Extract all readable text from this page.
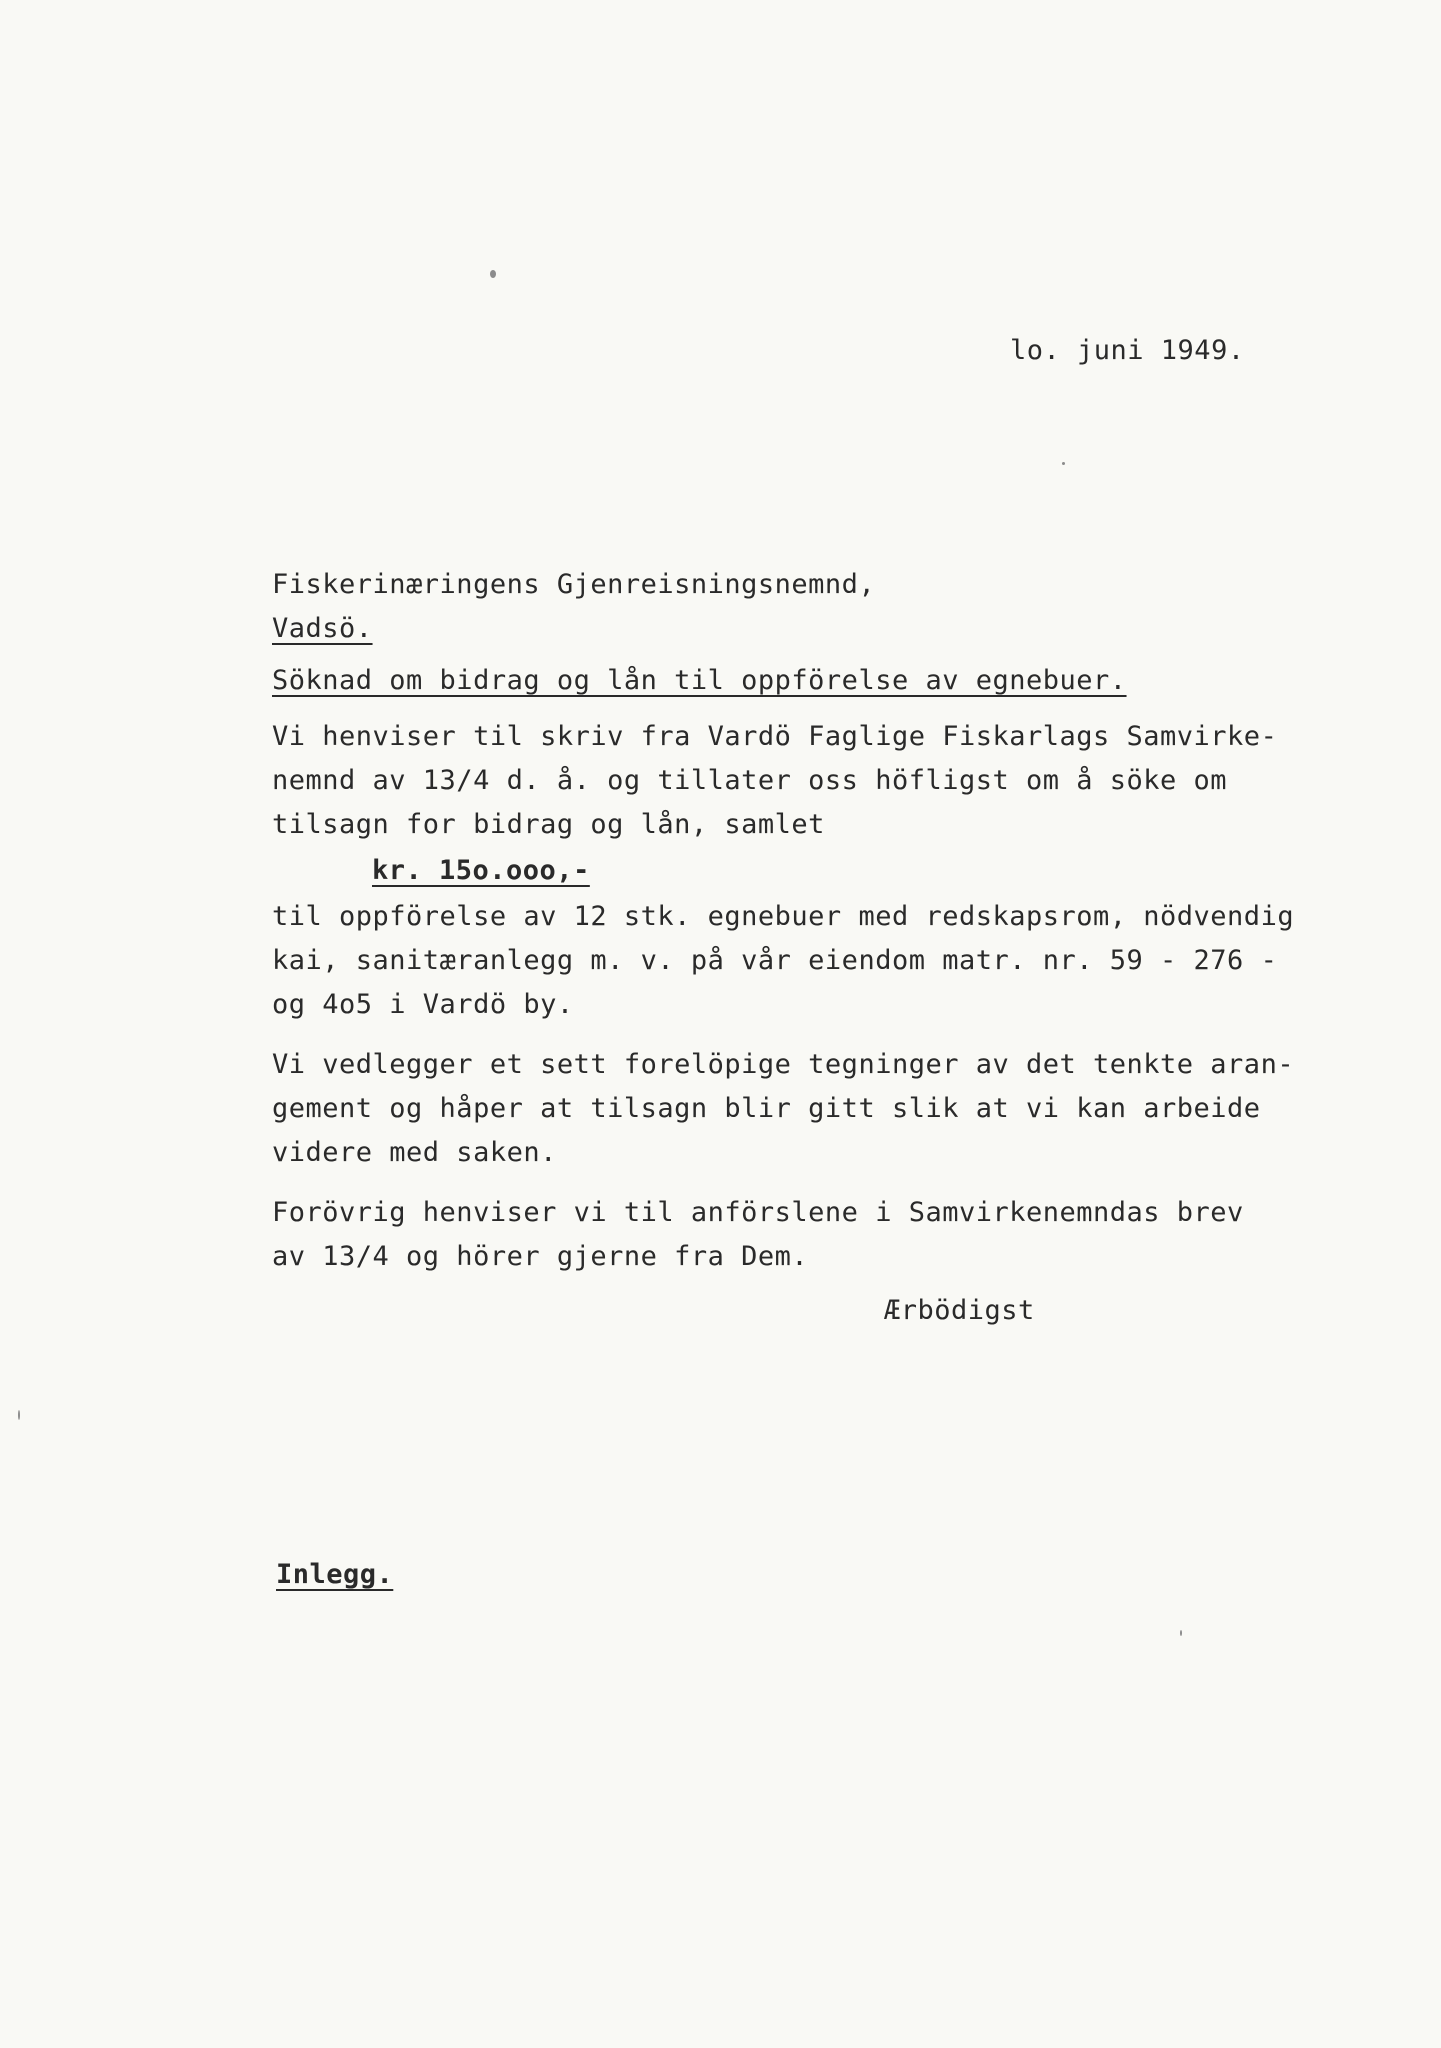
lo. juni 1949.
Fiskerinæringens Gjenreisningsnemnd,
Vadsö.
Söknad om bidrag og lån til oppförelse av egnebuer.
Vi henviser til skriv fra Vardö Faglige Fiskarlags Samvirke-
nemnd av 13/4 d. å. og tillater oss höfligst om å söke om
tilsagn for bidrag og lån, samlet
kr. 15o.ooo,-
til oppförelse av 12 stk. egnebuer med redskapsrom, nödvendig
kai, sanitæranlegg m. v. på vår eiendom matr. nr. 59 - 276 -
og 4o5 i Vardö by.
Vi vedlegger et sett forelöpige tegninger av det tenkte aran-
gement og håper at tilsagn blir gitt slik at vi kan arbeide
videre med saken.
Forövrig henviser vi til anförslene i Samvirkenemndas brev
av 13/4 og hörer gjerne fra Dem.
Ærbödigst
Inlegg.
